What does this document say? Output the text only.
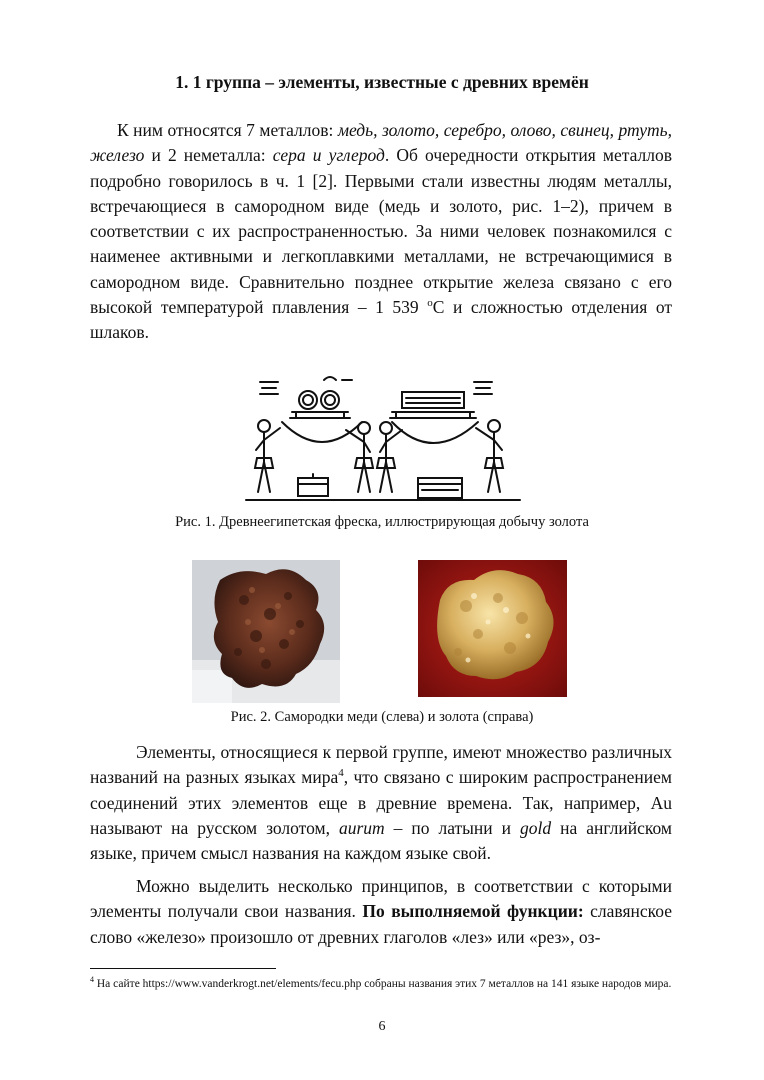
1. 1 группа – элементы, известные с древних времён

К ним относятся 7 металлов: медь, золото, серебро, олово, свинец, ртуть, железо и 2 неметалла: сера и углерод. Об очередности открытия металлов подробно говорилось в ч. 1 [2]. Первыми стали известны людям металлы, встречающиеся в самородном виде (медь и золото, рис. 1–2), причем в соответствии с их распространенностью. За ними человек познакомился с наименее активными и легкоплавкими металлами, не встречающимися в самородном виде. Сравнительно позднее открытие железа связано с его высокой температурой плавления – 1 539 $^o$С и сложностью отделения от шлаков.

Рис. 1. Древнеегипетская фреска, иллюстрирующая добычу золота
Рис. 2. Самородки меди (слева) и золота (справа)

Элементы, относящиеся к первой группе, имеют множество различных названий на разных языках мира$^4$, что связано с широким распространением соединений этих элементов еще в древние времена. Так, например, Au называют на русском золотом, aurum – по латыни и gold на английском языке, причем смысл названия на каждом языке свой.

Можно выделить несколько принципов, в соответствии с которыми элементы получали свои названия. По выполняемой функции: славянское слово «железо» произошло от древних глаголов «лез» или «рез», оз-

$^4$ На сайте https://www.vanderkrogt.net/elements/fecu.php собраны названия этих 7 металлов на 141 языке народов мира.

6
